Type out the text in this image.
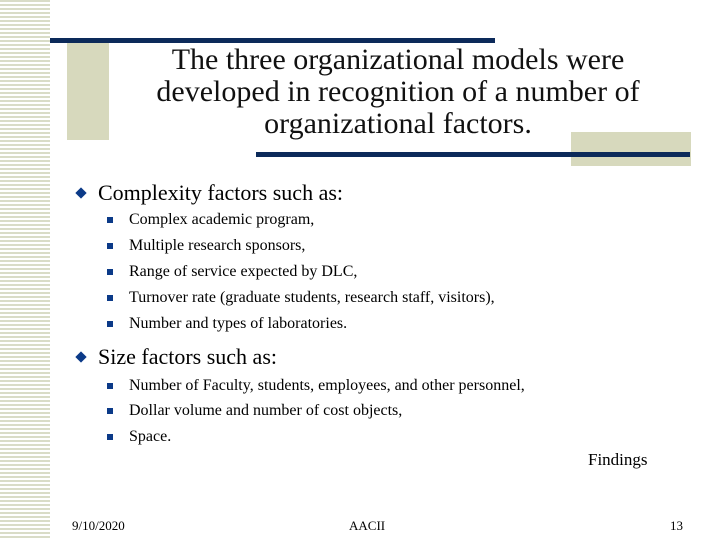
The three organizational models were developed in recognition of a number of organizational factors.
Complexity factors such as:
Complex academic program,
Multiple research sponsors,
Range of service expected by DLC,
Turnover rate (graduate students, research staff, visitors),
Number and types of laboratories.
Size factors such as:
Number of Faculty, students, employees, and other personnel,
Dollar volume and number of cost objects,
Space.
Findings
9/10/2020	AACII	13
